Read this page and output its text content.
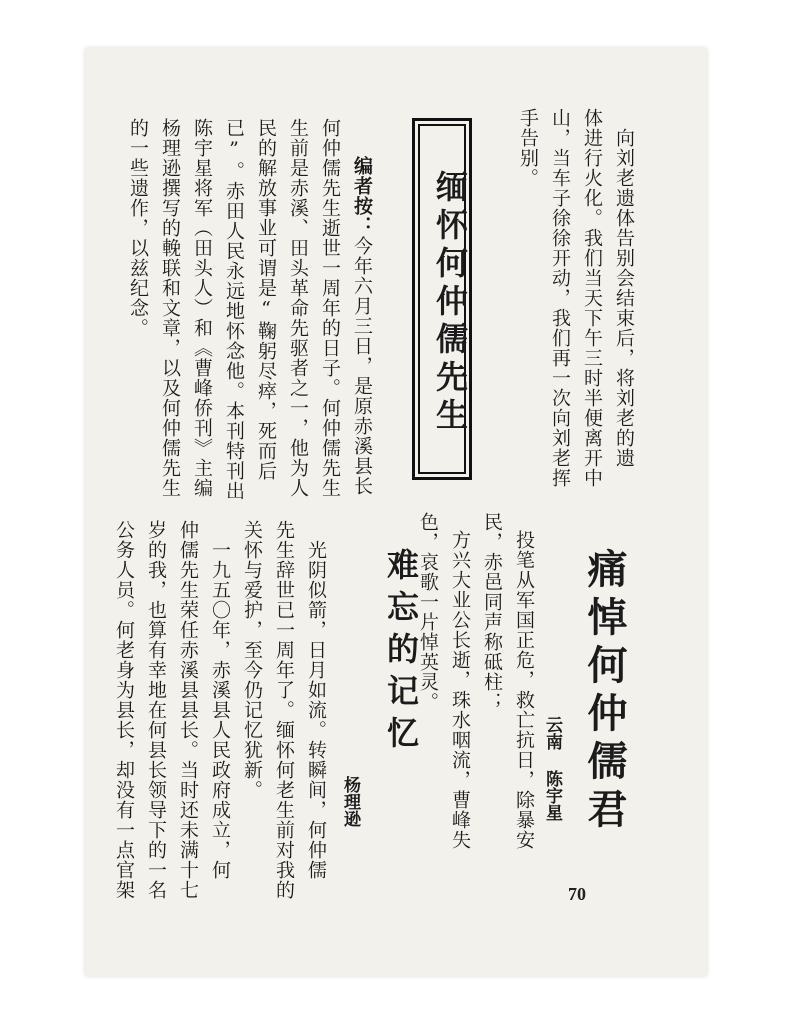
缅怀何仲儒先生
编者按：今年六月三日，是原赤溪县长
何仲儒先生逝世一周年的日子。何仲儒先生
生前是赤溪、田头革命先驱者之一，他为人
民的解放事业可谓是“鞠躬尽瘁，死而后
已”。赤田人民永远地怀念他。本刊特刊出
陈宇星将军（田头人）和《曹峰侨刊》主编
杨理逊撰写的輓联和文章，以及何仲儒先生
的一些遗作，以兹纪念。	向刘老遗体告别会结束后，将刘老的遗
体进行火化。我们当天下午三时半便离开中
山，当车子徐徐开动，我们再一次向刘老挥
手告别。
痛悼何仲儒君
云南
陈宇星
投笔从军国正危，救亡抗日，除暴安
民，赤邑同声称砥柱；
方兴大业公长逝，珠水咽流，曹峰失
色，哀歌一片悼英灵。
难忘的记忆
杨理逊
光阴似箭，日月如流。转瞬间，何仲儒
先生辞世已一周年了。缅怀何老生前对我的
关怀与爱护，至今仍记忆犹新。
一九五〇年，赤溪县人民政府成立，何
仲儒先生荣任赤溪县县长。当时还未满十七
岁的我，也算有幸地在何县长领导下的一名
公务人员。何老身为县长，却没有一点官架	70
